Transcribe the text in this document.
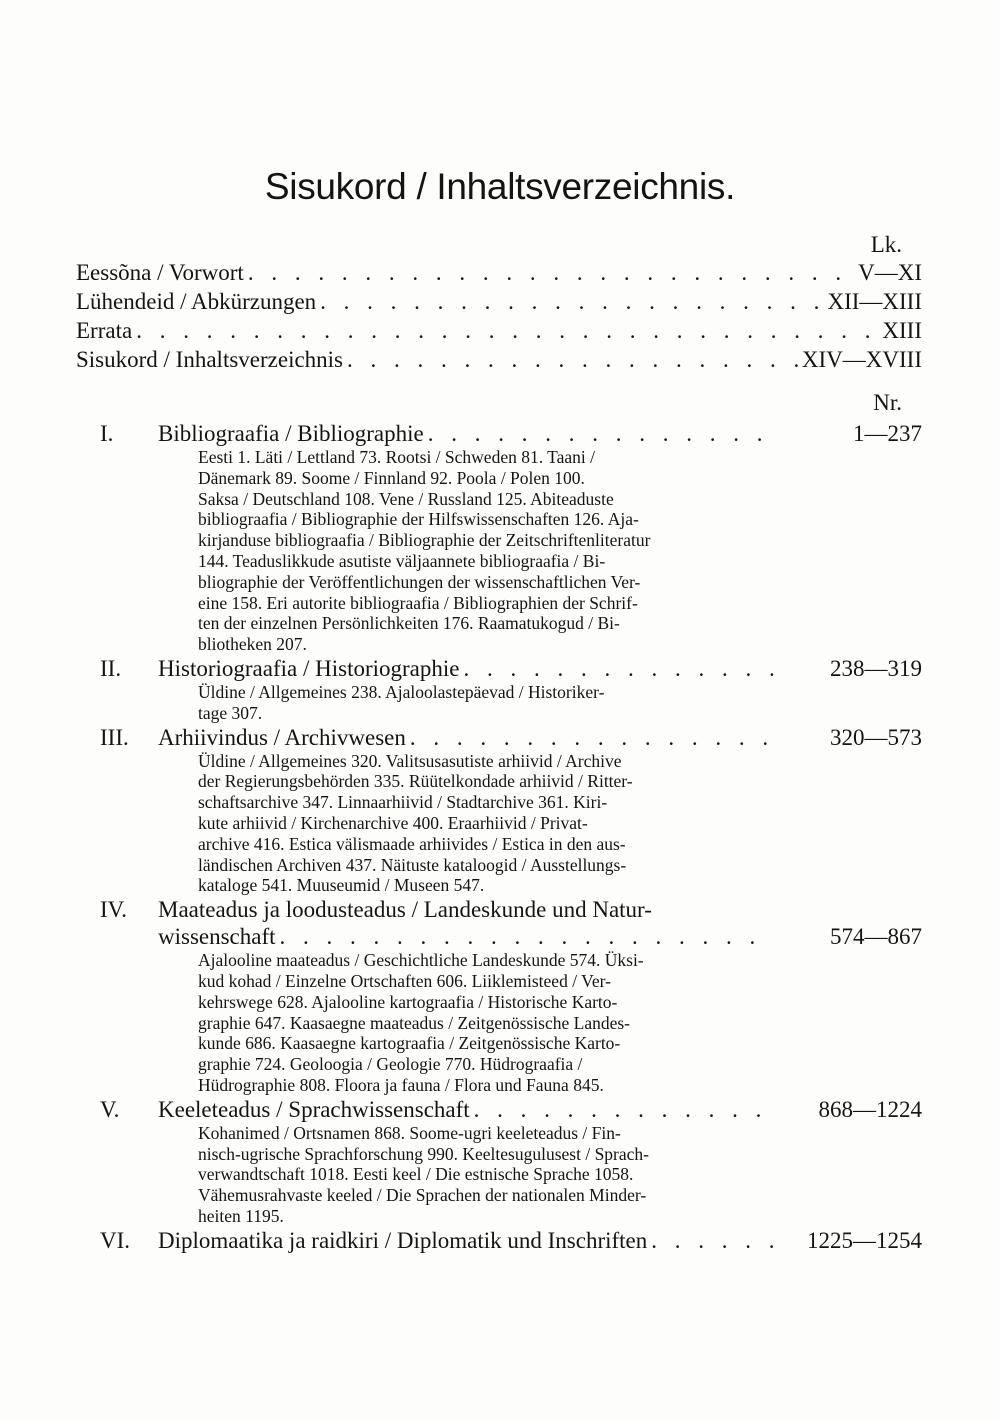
Sisukord / Inhaltsverzeichnis.
Lk.
Eessõna / Vorwort . . .	V—XI
Lühendeid / Abkürzungen . . .	XII—XIII
Errata . . .	XIII
Sisukord / Inhaltsverzeichnis . . .	XIV—XVIII
Nr.
I.	Bibliograafia / Bibliographie . . .	1—237
Eesti 1. Läti / Lettland 73. Rootsi / Schweden 81. Taani /
Dänemark 89. Soome / Finnland 92. Poola / Polen 100.
Saksa / Deutschland 108. Vene / Russland 125. Abiteaduste
bibliograafia / Bibliographie der Hilfswissenschaften 126. Aja-
kirjanduse bibliograafia / Bibliographie der Zeitschriftenliteratur
144. Teaduslikkude asutiste väljaannete bibliograafia / Bi-
bliographie der Veröffentlichungen der wissenschaftlichen Ver-
eine 158. Eri autorite bibliograafia / Bibliographien der Schrif-
ten der einzelnen Persönlichkeiten 176. Raamatukogud / Bi-
bliotheken 207.
II.	Historiograafia / Historiographie . . .	238—319
Üldine / Allgemeines 238. Ajaloolastepäevad / Historiker-
tage 307.
III.	Arhiivindus / Archivwesen . . .	320—573
Üldine / Allgemeines 320. Valitsusasutiste arhiivid / Archive
der Regierungsbehörden 335. Rüütelkondade arhiivid / Ritter-
schaftsarchive 347. Linnaarhiivid / Stadtarchive 361. Kiri-
kute arhiivid / Kirchenarchive 400. Eraarhiivid / Privat-
archive 416. Estica välismaade arhiivides / Estica in den aus-
ländischen Archiven 437. Näituste kataloogid / Ausstellungs-
kataloge 541. Muuseumid / Museen 547.
IV.	Maateadus ja loodusteadus / Landeskunde und Natur-
wissenschaft . . .	574—867
Ajalooline maateadus / Geschichtliche Landeskunde 574. Üksi-
kud kohad / Einzelne Ortschaften 606. Liiklemisteed / Ver-
kehrswege 628. Ajalooline kartograafia / Historische Karto-
graphie 647. Kaasaegne maateadus / Zeitgenössische Landes-
kunde 686. Kaasaegne kartograafia / Zeitgenössische Karto-
graphie 724. Geoloogia / Geologie 770. Hüdrograafia /
Hüdrographie 808. Floora ja fauna / Flora und Fauna 845.
V.	Keeleteadus / Sprachwissenschaft . . .	868—1224
Kohanimed / Ortsnamen 868. Soome-ugri keeleteadus / Fin-
nisch-ugrische Sprachforschung 990. Keeltesugulusest / Sprach-
verwandtschaft 1018. Eesti keel / Die estnische Sprache 1058.
Vähemusrahvaste keeled / Die Sprachen der nationalen Minder-
heiten 1195.
VI.	Diplomaatika ja raidkiri / Diplomatik und Inschriften . . .	1225—1254
